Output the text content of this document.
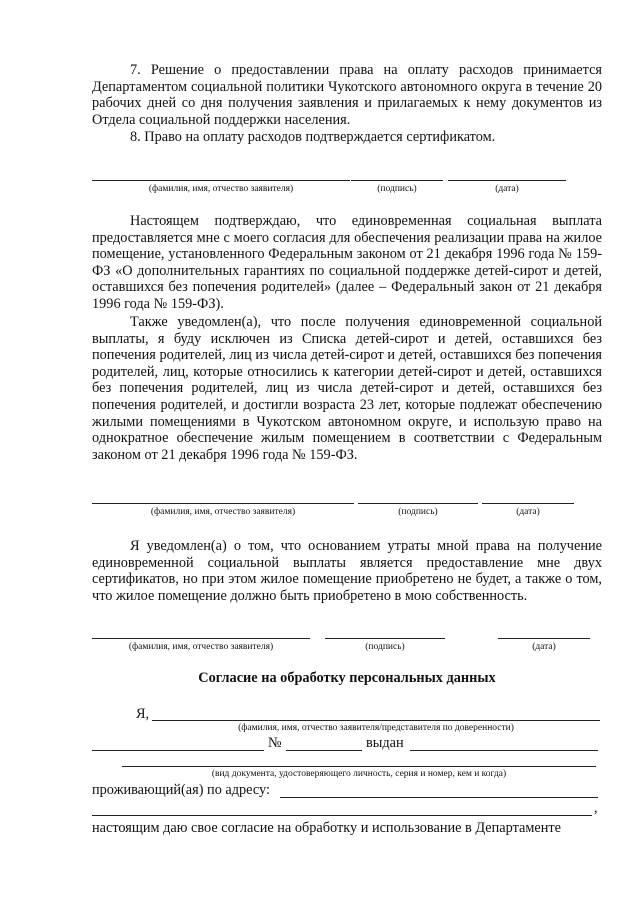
7. Решение о предоставлении права на оплату расходов принимается Департаментом социальной политики Чукотского автономного округа в течение 20 рабочих дней со дня получения заявления и прилагаемых к нему документов из Отдела социальной поддержки населения.

8. Право на оплату расходов подтверждается сертификатом.

(фамилия, имя, отчество заявителя)	(подпись)	(дата)

Настоящем подтверждаю, что единовременная социальная выплата предоставляется мне с моего согласия для обеспечения реализации права на жилое помещение, установленного Федеральным законом от 21 декабря 1996 года № 159-ФЗ «О дополнительных гарантиях по социальной поддержке детей-сирот и детей, оставшихся без попечения родителей» (далее – Федеральный закон от 21 декабря 1996 года № 159-ФЗ).

Также уведомлен(а), что после получения единовременной социальной выплаты, я буду исключен из Списка детей-сирот и детей, оставшихся без попечения родителей, лиц из числа детей-сирот и детей, оставшихся без попечения родителей, лиц, которые относились к категории детей-сирот и детей, оставшихся без попечения родителей, лиц из числа детей-сирот и детей, оставшихся без попечения родителей, и достигли возраста 23 лет, которые подлежат обеспечению жилыми помещениями в Чукотском автономном округе, и использую право на однократное обеспечение жилым помещением в соответствии с Федеральным законом от 21 декабря 1996 года № 159-ФЗ.

(фамилия, имя, отчество заявителя)	(подпись)	(дата)

Я уведомлен(а) о том, что основанием утраты мной права на получение единовременной социальной выплаты является предоставление мне двух сертификатов, но при этом жилое помещение приобретено не будет, а также о том, что жилое помещение должно быть приобретено в мою собственность.

(фамилия, имя, отчество заявителя)	(подпись)	(дата)
Согласие на обработку персональных данных
Я,
(фамилия, имя, отчество заявителя/представителя по доверенности)
№	выдан
(вид документа, удостоверяющего личность, серия и номер, кем и когда)
проживающий(ая) по адресу:
,
настоящим даю свое согласие на обработку и использование в Департаменте
